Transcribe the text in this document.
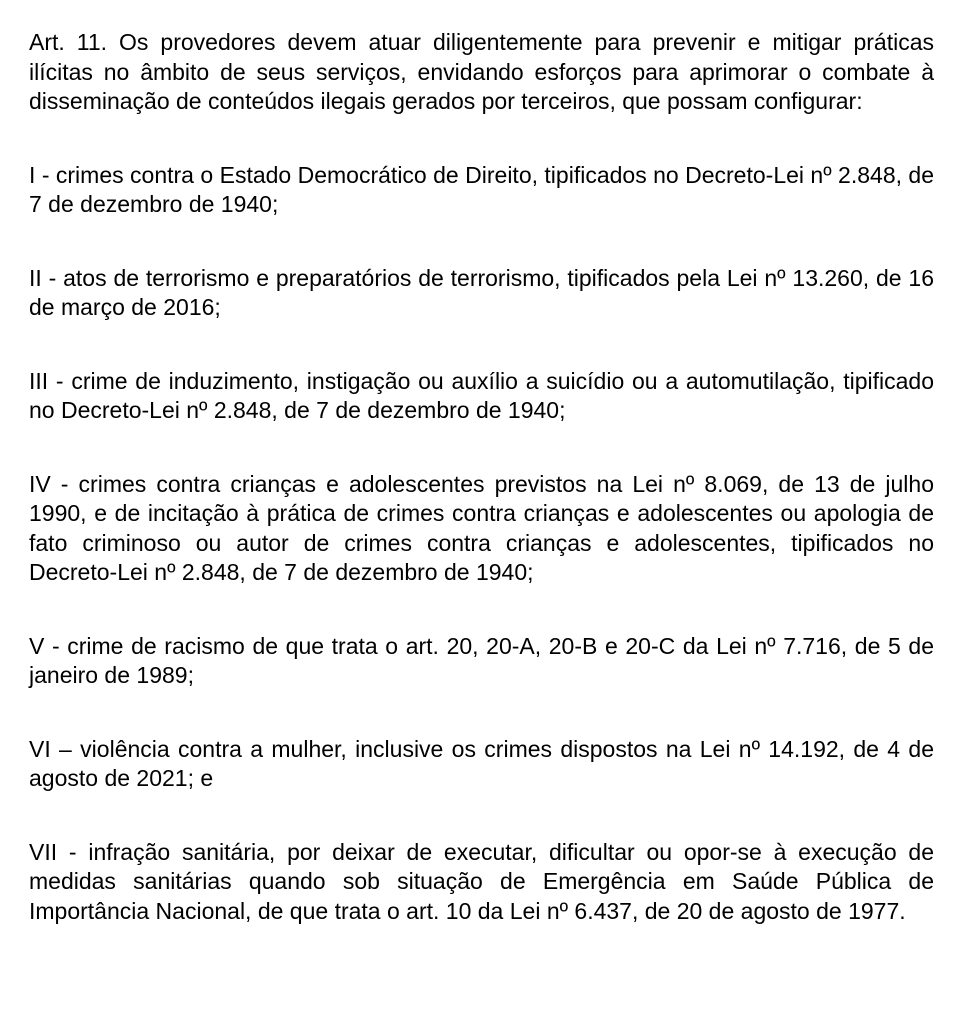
Art. 11. Os provedores devem atuar diligentemente para prevenir e mitigar práticas ilícitas no âmbito de seus serviços, envidando esforços para aprimorar o combate à disseminação de conteúdos ilegais gerados por terceiros, que possam configurar:

I - crimes contra o Estado Democrático de Direito, tipificados no Decreto-Lei nº 2.848, de 7 de dezembro de 1940;

II - atos de terrorismo e preparatórios de terrorismo, tipificados pela Lei nº 13.260, de 16 de março de 2016;

III - crime de induzimento, instigação ou auxílio a suicídio ou a automutilação, tipificado no Decreto-Lei nº 2.848, de 7 de dezembro de 1940;

IV - crimes contra crianças e adolescentes previstos na Lei nº 8.069, de 13 de julho 1990, e de incitação à prática de crimes contra crianças e adolescentes ou apologia de fato criminoso ou autor de crimes contra crianças e adolescentes, tipificados no Decreto-Lei nº 2.848, de 7 de dezembro de 1940;

V - crime de racismo de que trata o art. 20, 20-A, 20-B e 20-C da Lei nº 7.716, de 5 de janeiro de 1989;

VI – violência contra a mulher, inclusive os crimes dispostos na Lei nº 14.192, de 4 de agosto de 2021; e

VII - infração sanitária, por deixar de executar, dificultar ou opor-se à execução de medidas sanitárias quando sob situação de Emergência em Saúde Pública de Importância Nacional, de que trata o art. 10 da Lei nº 6.437, de 20 de agosto de 1977.
